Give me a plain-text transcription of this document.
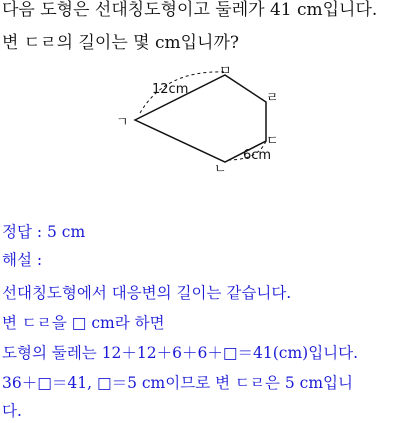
다음 도형은 선대칭도형이고 둘레가 41 cm입니다.
변 ㄷㄹ의 길이는 몇 cm입니까?
ㅁ
ㄹ
ㄷ
ㄴ
ㄱ
12cm
6cm
정답 : 5 cm
해설 :
선대칭도형에서 대응변의 길이는 같습니다.
변 ㄷㄹ을 □ cm라 하면
도형의 둘레는 12＋12＋6＋6＋□＝41(cm)입니다.
36＋□＝41, □＝5 cm이므로 변 ㄷㄹ은 5 cm입니
다.
